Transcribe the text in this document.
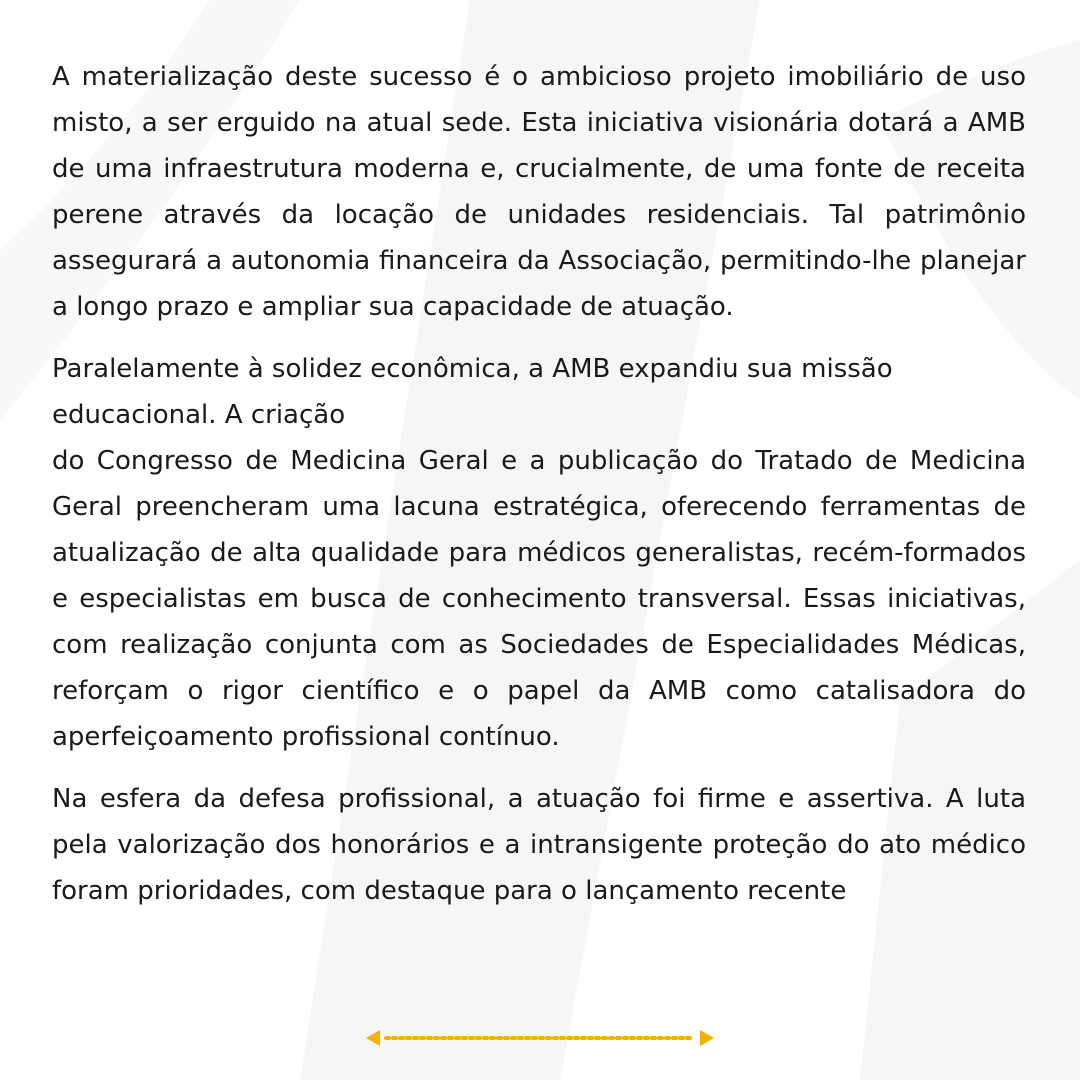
A materialização deste sucesso é o ambicioso projeto imobiliário de uso misto, a ser erguido na atual sede. Esta iniciativa visionária dotará a AMB de uma infraestrutura moderna e, crucialmente, de uma fonte de receita perene através da locação de unidades residenciais. Tal patrimônio assegurará a autonomia financeira da Associação, permitindo-lhe planejar a longo prazo e ampliar sua capacidade de atuação.

Paralelamente à solidez econômica, a AMB expandiu sua missão educacional. A criação

do Congresso de Medicina Geral e a publicação do Tratado de Medicina Geral preencheram uma lacuna estratégica, oferecendo ferramentas de atualização de alta qualidade para médicos generalistas, recém-formados e especialistas em busca de conhecimento transversal. Essas iniciativas, com realização conjunta com as Sociedades de Especialidades Médicas, reforçam o rigor científico e o papel da AMB como catalisadora do aperfeiçoamento profissional contínuo.

Na esfera da defesa profissional, a atuação foi firme e assertiva. A luta pela valorização dos honorários e a intransigente proteção do ato médico foram prioridades, com destaque para o lançamento recente
